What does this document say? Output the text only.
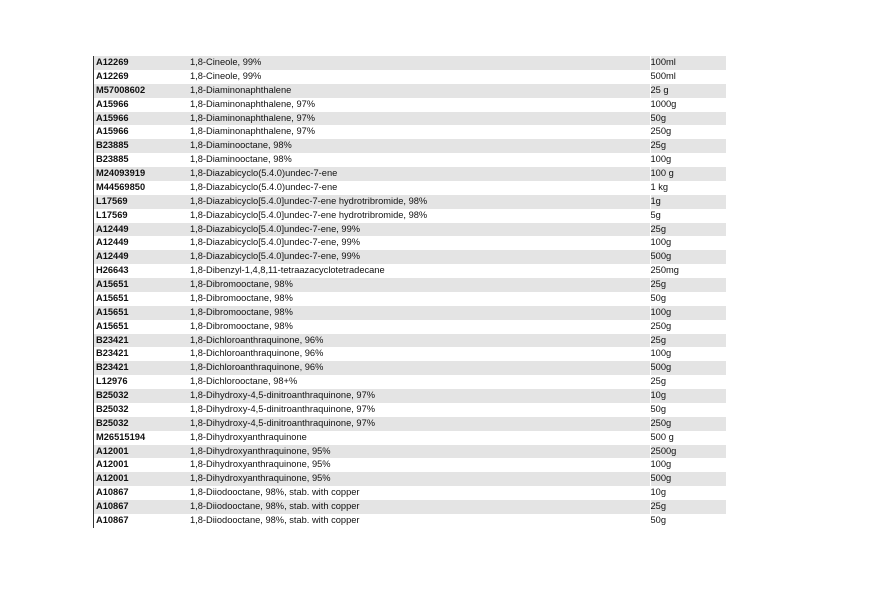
A12269	1,8-Cineole, 99%	100ml
A12269	1,8-Cineole, 99%	500ml
M57008602	1,8-Diaminonaphthalene	25 g
A15966	1,8-Diaminonaphthalene, 97%	1000g
A15966	1,8-Diaminonaphthalene, 97%	50g
A15966	1,8-Diaminonaphthalene, 97%	250g
B23885	1,8-Diaminooctane, 98%	25g
B23885	1,8-Diaminooctane, 98%	100g
M24093919	1,8-Diazabicyclo(5.4.0)undec-7-ene	100 g
M44569850	1,8-Diazabicyclo(5.4.0)undec-7-ene	1 kg
L17569	1,8-Diazabicyclo[5.4.0]undec-7-ene hydrotribromide, 98%	1g
L17569	1,8-Diazabicyclo[5.4.0]undec-7-ene hydrotribromide, 98%	5g
A12449	1,8-Diazabicyclo[5.4.0]undec-7-ene, 99%	25g
A12449	1,8-Diazabicyclo[5.4.0]undec-7-ene, 99%	100g
A12449	1,8-Diazabicyclo[5.4.0]undec-7-ene, 99%	500g
H26643	1,8-Dibenzyl-1,4,8,11-tetraazacyclotetradecane	250mg
A15651	1,8-Dibromooctane, 98%	25g
A15651	1,8-Dibromooctane, 98%	50g
A15651	1,8-Dibromooctane, 98%	100g
A15651	1,8-Dibromooctane, 98%	250g
B23421	1,8-Dichloroanthraquinone, 96%	25g
B23421	1,8-Dichloroanthraquinone, 96%	100g
B23421	1,8-Dichloroanthraquinone, 96%	500g
L12976	1,8-Dichlorooctane, 98+%	25g
B25032	1,8-Dihydroxy-4,5-dinitroanthraquinone, 97%	10g
B25032	1,8-Dihydroxy-4,5-dinitroanthraquinone, 97%	50g
B25032	1,8-Dihydroxy-4,5-dinitroanthraquinone, 97%	250g
M26515194	1,8-Dihydroxyanthraquinone	500 g
A12001	1,8-Dihydroxyanthraquinone, 95%	2500g
A12001	1,8-Dihydroxyanthraquinone, 95%	100g
A12001	1,8-Dihydroxyanthraquinone, 95%	500g
A10867	1,8-Diiodooctane, 98%, stab. with copper	10g
A10867	1,8-Diiodooctane, 98%, stab. with copper	25g
A10867	1,8-Diiodooctane, 98%, stab. with copper	50g
